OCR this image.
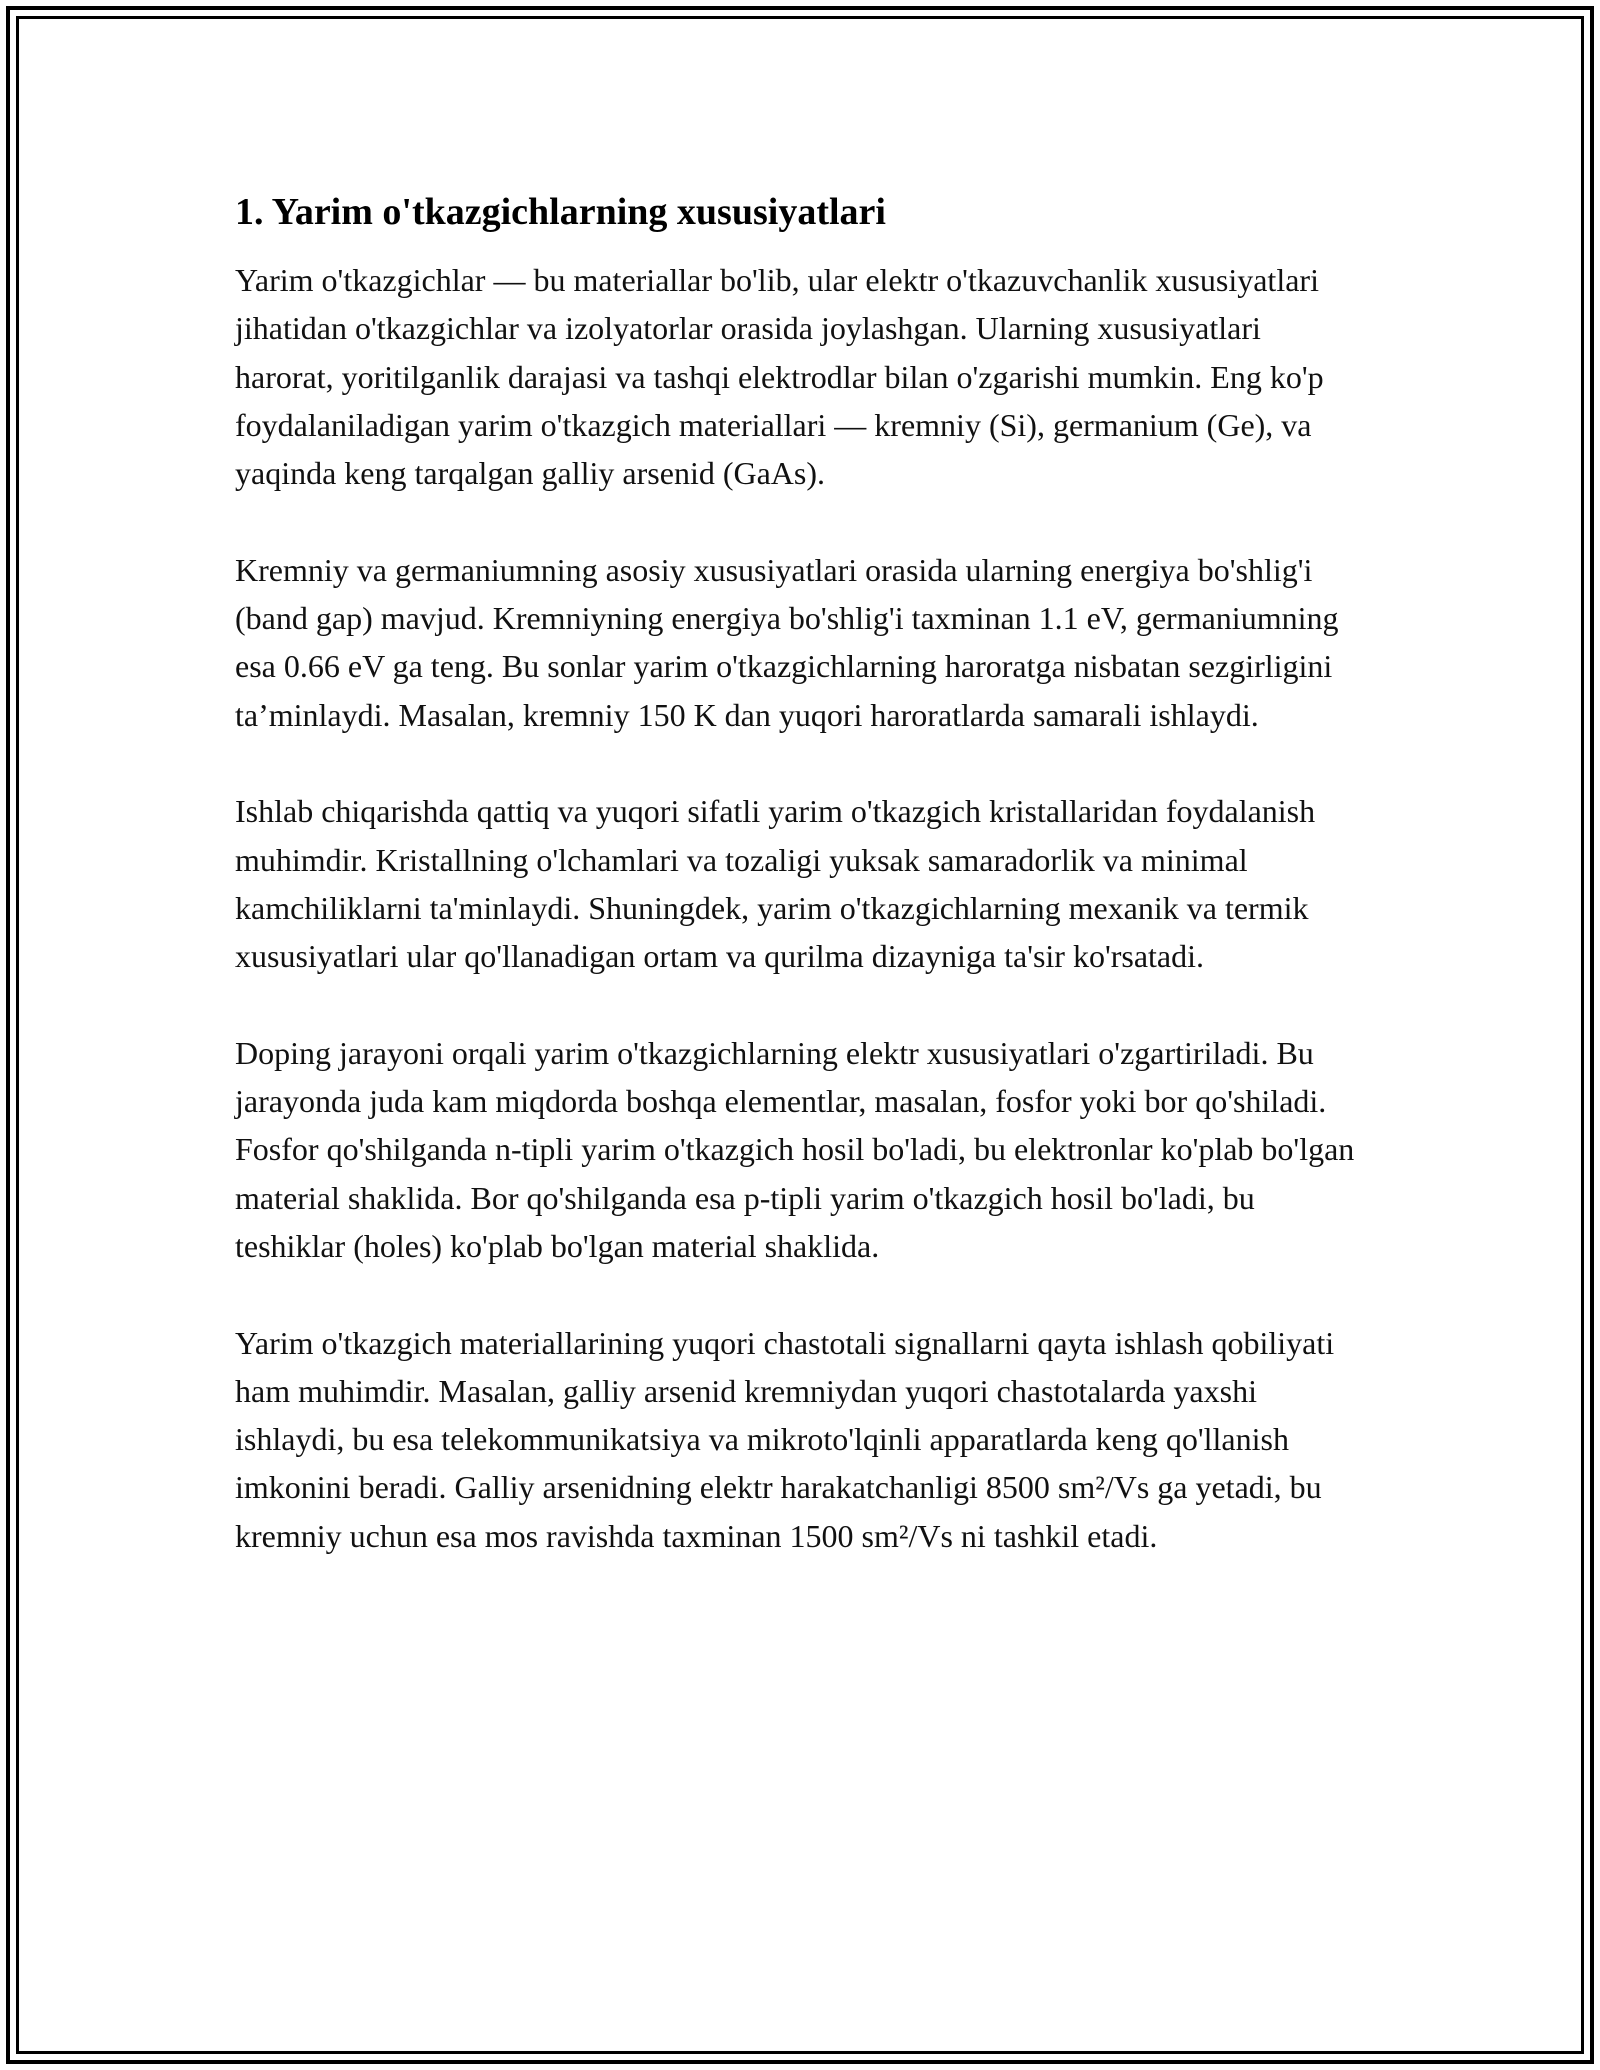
1. Yarim o'tkazgichlarning xususiyatlari

Yarim o'tkazgichlar — bu materiallar bo'lib, ular elektr o'tkazuvchanlik xususiyatlari jihatidan o'tkazgichlar va izolyatorlar orasida joylashgan. Ularning xususiyatlari harorat, yoritilganlik darajasi va tashqi elektrodlar bilan o'zgarishi mumkin. Eng ko'p foydalaniladigan yarim o'tkazgich materiallari — kremniy (Si), germanium (Ge), va yaqinda keng tarqalgan galliy arsenid (GaAs).

Kremniy va germaniumning asosiy xususiyatlari orasida ularning energiya bo'shlig'i (band gap) mavjud. Kremniyning energiya bo'shlig'i taxminan 1.1 eV, germaniumning esa 0.66 eV ga teng. Bu sonlar yarim o'tkazgichlarning haroratga nisbatan sezgirligini ta’minlaydi. Masalan, kremniy 150 K dan yuqori haroratlarda samarali ishlaydi.

Ishlab chiqarishda qattiq va yuqori sifatli yarim o'tkazgich kristallaridan foydalanish muhimdir. Kristallning o'lchamlari va tozaligi yuksak samaradorlik va minimal kamchiliklarni ta'minlaydi. Shuningdek, yarim o'tkazgichlarning mexanik va termik xususiyatlari ular qo'llanadigan ortam va qurilma dizayniga ta'sir ko'rsatadi.

Doping jarayoni orqali yarim o'tkazgichlarning elektr xususiyatlari o'zgartiriladi. Bu jarayonda juda kam miqdorda boshqa elementlar, masalan, fosfor yoki bor qo'shiladi. Fosfor qo'shilganda n-tipli yarim o'tkazgich hosil bo'ladi, bu elektronlar ko'plab bo'lgan material shaklida. Bor qo'shilganda esa p-tipli yarim o'tkazgich hosil bo'ladi, bu teshiklar (holes) ko'plab bo'lgan material shaklida.

Yarim o'tkazgich materiallarining yuqori chastotali signallarni qayta ishlash qobiliyati ham muhimdir. Masalan, galliy arsenid kremniydan yuqori chastotalarda yaxshi ishlaydi, bu esa telekommunikatsiya va mikroto'lqinli apparatlarda keng qo'llanish imkonini beradi. Galliy arsenidning elektr harakatchanligi 8500 sm²/Vs ga yetadi, bu kremniy uchun esa mos ravishda taxminan 1500 sm²/Vs ni tashkil etadi.
